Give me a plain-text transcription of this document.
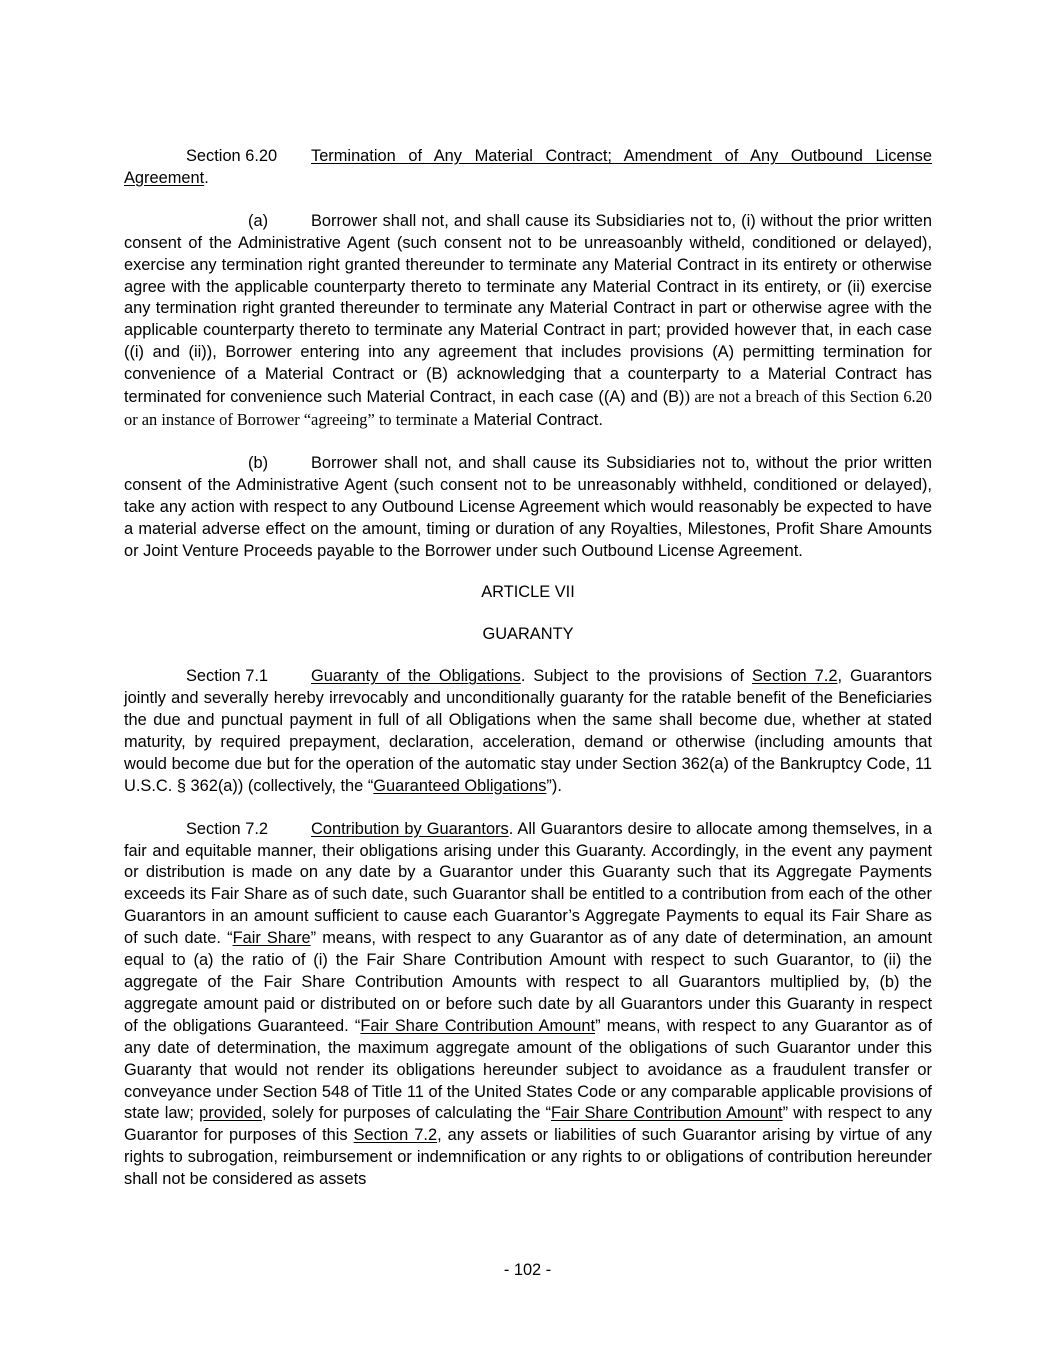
Section 6.20 Termination of Any Material Contract; Amendment of Any Outbound License Agreement.

(a)	Borrower shall not, and shall cause its Subsidiaries not to, (i) without the prior written consent of the Administrative Agent (such consent not to be unreasoanbly witheld, conditioned or delayed), exercise any termination right granted thereunder to terminate any Material Contract in its entirety or otherwise agree with the applicable counterparty thereto to terminate any Material Contract in its entirety, or (ii) exercise any termination right granted thereunder to terminate any Material Contract in part or otherwise agree with the applicable counterparty thereto to terminate any Material Contract in part; provided however that, in each case ((i) and (ii)), Borrower entering into any agreement that includes provisions (A) permitting termination for convenience of a Material Contract or (B) acknowledging that a counterparty to a Material Contract has terminated for convenience such Material Contract, in each case ((A) and (B)) are not a breach of this Section 6.20 or an instance of Borrower “agreeing” to terminate a Material Contract.

(b)	Borrower shall not, and shall cause its Subsidiaries not to, without the prior written consent of the Administrative Agent (such consent not to be unreasonably withheld, conditioned or delayed), take any action with respect to any Outbound License Agreement which would reasonably be expected to have a material adverse effect on the amount, timing or duration of any Royalties, Milestones, Profit Share Amounts or Joint Venture Proceeds payable to the Borrower under such Outbound License Agreement.

ARTICLE VII

GUARANTY

Section 7.1	Guaranty of the Obligations. Subject to the provisions of Section 7.2, Guarantors jointly and severally hereby irrevocably and unconditionally guaranty for the ratable benefit of the Beneficiaries the due and punctual payment in full of all Obligations when the same shall become due, whether at stated maturity, by required prepayment, declaration, acceleration, demand or otherwise (including amounts that would become due but for the operation of the automatic stay under Section 362(a) of the Bankruptcy Code, 11 U.S.C. § 362(a)) (collectively, the “Guaranteed Obligations”).

Section 7.2	Contribution by Guarantors. All Guarantors desire to allocate among themselves, in a fair and equitable manner, their obligations arising under this Guaranty. Accordingly, in the event any payment or distribution is made on any date by a Guarantor under this Guaranty such that its Aggregate Payments exceeds its Fair Share as of such date, such Guarantor shall be entitled to a contribution from each of the other Guarantors in an amount sufficient to cause each Guarantor’s Aggregate Payments to equal its Fair Share as of such date. “Fair Share” means, with respect to any Guarantor as of any date of determination, an amount equal to (a) the ratio of (i) the Fair Share Contribution Amount with respect to such Guarantor, to (ii) the aggregate of the Fair Share Contribution Amounts with respect to all Guarantors multiplied by, (b) the aggregate amount paid or distributed on or before such date by all Guarantors under this Guaranty in respect of the obligations Guaranteed. “Fair Share Contribution Amount” means, with respect to any Guarantor as of any date of determination, the maximum aggregate amount of the obligations of such Guarantor under this Guaranty that would not render its obligations hereunder subject to avoidance as a fraudulent transfer or conveyance under Section 548 of Title 11 of the United States Code or any comparable applicable provisions of state law; provided, solely for purposes of calculating the “Fair Share Contribution Amount” with respect to any Guarantor for purposes of this Section 7.2, any assets or liabilities of such Guarantor arising by virtue of any rights to subrogation, reimbursement or indemnification or any rights to or obligations of contribution hereunder shall not be considered as assets

- 102 -
